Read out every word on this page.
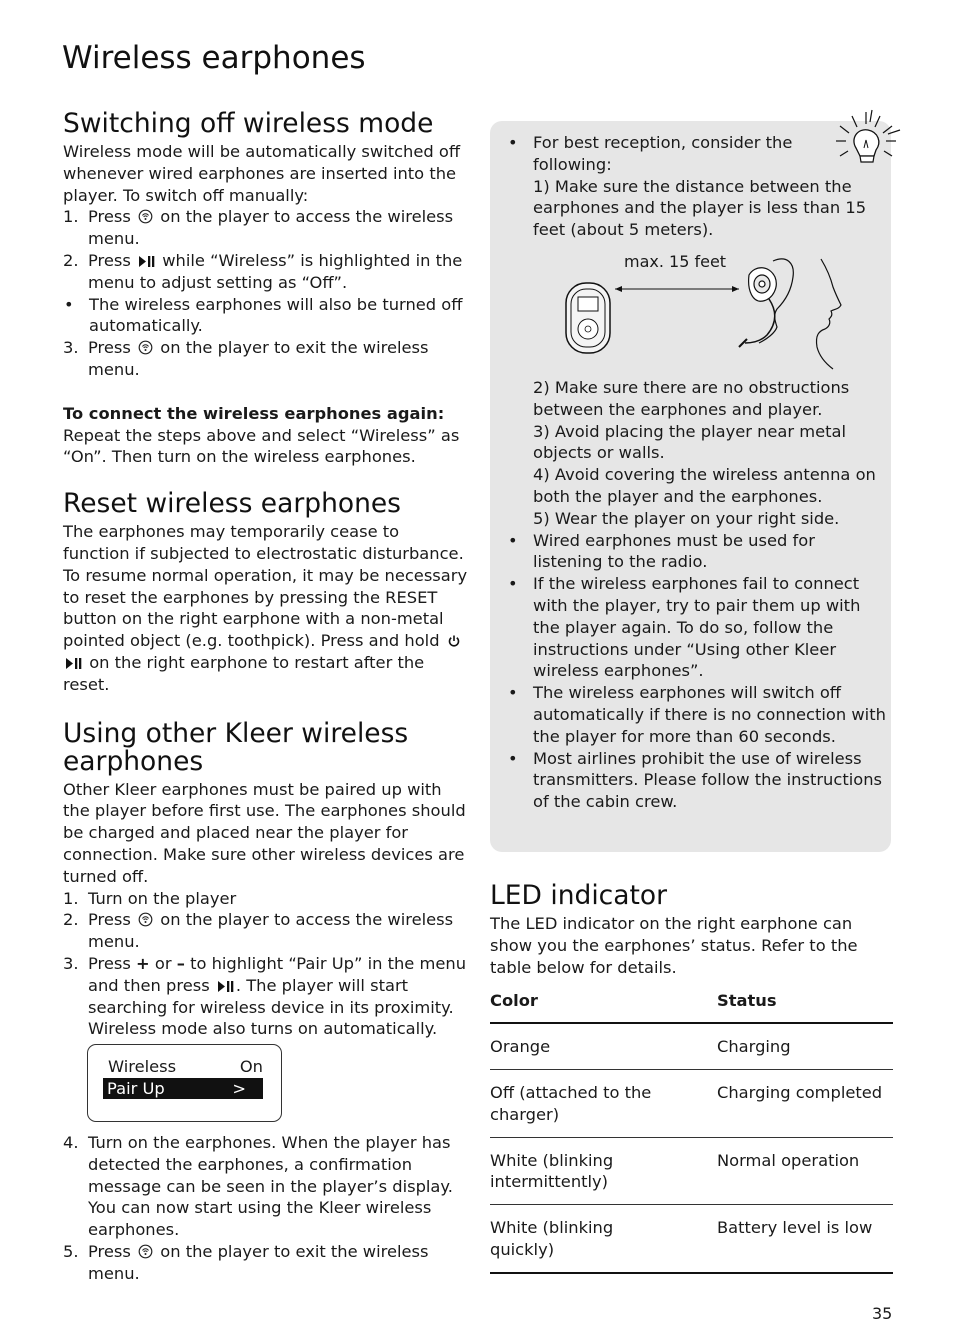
Wireless earphones
Switching off wireless mode

Wireless mode will be automatically switched off whenever wired earphones are inserted into the player. To switch off manually:

1. Press on the player to access the wireless menu.
2. Press while “Wireless” is highlighted in the menu to adjust setting as “Off”.
• The wireless earphones will also be turned off automatically.
3. Press on the player to exit the wireless menu.

To connect the wireless earphones again:

Repeat the steps above and select “Wireless” as “On”. Then turn on the wireless earphones.

Reset wireless earphones

The earphones may temporarily cease to function if subjected to electrostatic disturbance. To resume normal operation, it may be necessary to reset the earphones by pressing the RESET button on the right earphone with a non-metal pointed object (e.g. toothpick). Press and hold   on the right earphone to restart after the reset.

Using other Kleer wireless earphones

Other Kleer earphones must be paired up with the player before first use. The earphones should be charged and placed near the player for connection. Make sure other wireless devices are turned off.

1. Turn on the player
2. Press on the player to access the wireless menu.
3. Press + or – to highlight “Pair Up” in the menu and then press . The player will start searching for wireless device in its proximity. Wireless mode also turns on automatically.
Wireless	On
Pair Up	>
4. Turn on the earphones. When the player has detected the earphones, a confirmation message can be seen in the player’s display. You can now start using the Kleer wireless earphones.
5. Press on the player to exit the wireless menu.
• For best reception, consider the following:

1) Make sure the distance between the earphones and the player is less than 15 feet (about 5 meters).

max. 15 feet

2) Make sure there are no obstructions between the earphones and player.

3) Avoid placing the player near metal objects or walls.

4) Avoid covering the wireless antenna on both the player and the earphones.

5) Wear the player on your right side.

• Wired earphones must be used for listening to the radio.
• If the wireless earphones fail to connect with the player, try to pair them up with the player again. To do so, follow the instructions under “Using other Kleer wireless earphones”.
• The wireless earphones will switch off automatically if there is no connection with the player for more than 60 seconds.
• Most airlines prohibit the use of wireless transmitters. Please follow the instructions of the cabin crew.
LED indicator

The LED indicator on the right earphone can show you the earphones’ status. Refer to the table below for details.

Color	Status
Orange	Charging
Off (attached to the charger)	Charging completed
White (blinking intermittently)	Normal operation
White (blinking quickly)	Battery level is low
35
